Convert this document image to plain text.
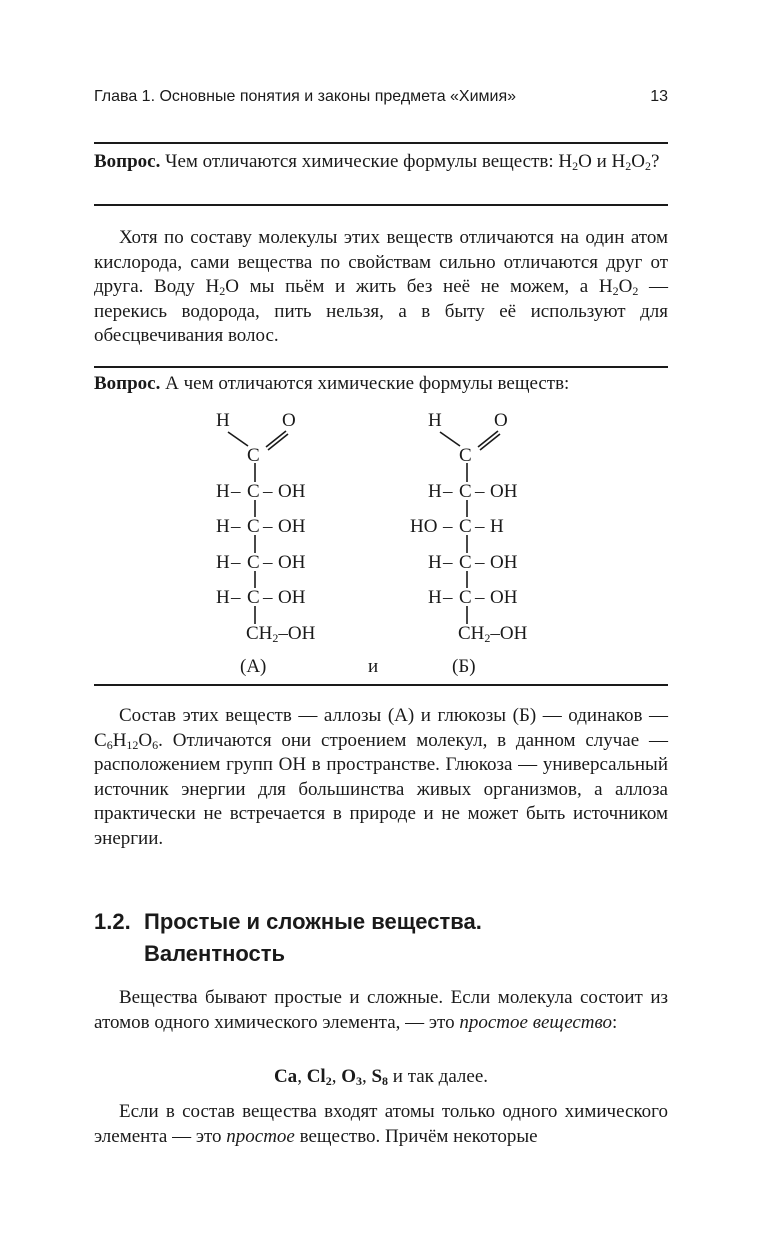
Глава 1. Основные понятия и законы предмета «Химия»	13
Вопрос. Чем отличаются химические формулы веществ: $H_2O$ и $H_2O_2$?
Хотя по составу молекулы этих веществ отличаются на один атом кислорода, сами вещества по свойствам сильно отличаются друг от друга. Воду $H_2O$ мы пьём и жить без неё не можем, а $H_2O_2$ — перекись водорода, пить нельзя, а в быту её используют для обесцвечивания волос.
Вопрос. А чем отличаются химические формулы веществ:
H	O
C
H – C – OH
H – C – OH
H – C – OH
H – C – OH
$CH_2-OH$
(А)	и
H	O
C
H – C – OH
HO – C – H
H – C – OH
H – C – OH
$CH_2-OH$
(Б)
Состав этих веществ — аллозы (А) и глюкозы (Б) — одинаков — $C_6H_{12}O_6$. Отличаются они строением молекул, в данном случае — расположением групп OH в пространстве. Глюкоза — универсальный источник энергии для большинства живых организмов, а аллоза практически не встречается в природе и не может быть источником энергии.
1.2. Простые и сложные вещества.
Валентность
Вещества бывают простые и сложные. Если молекула состоит из атомов одного химического элемента, — это простое вещество:
Ca, $Cl_2$, $O_3$, $S_8$ и так далее.
Если в состав вещества входят атомы только одного химического элемента — это простое вещество. Причём некоторые
